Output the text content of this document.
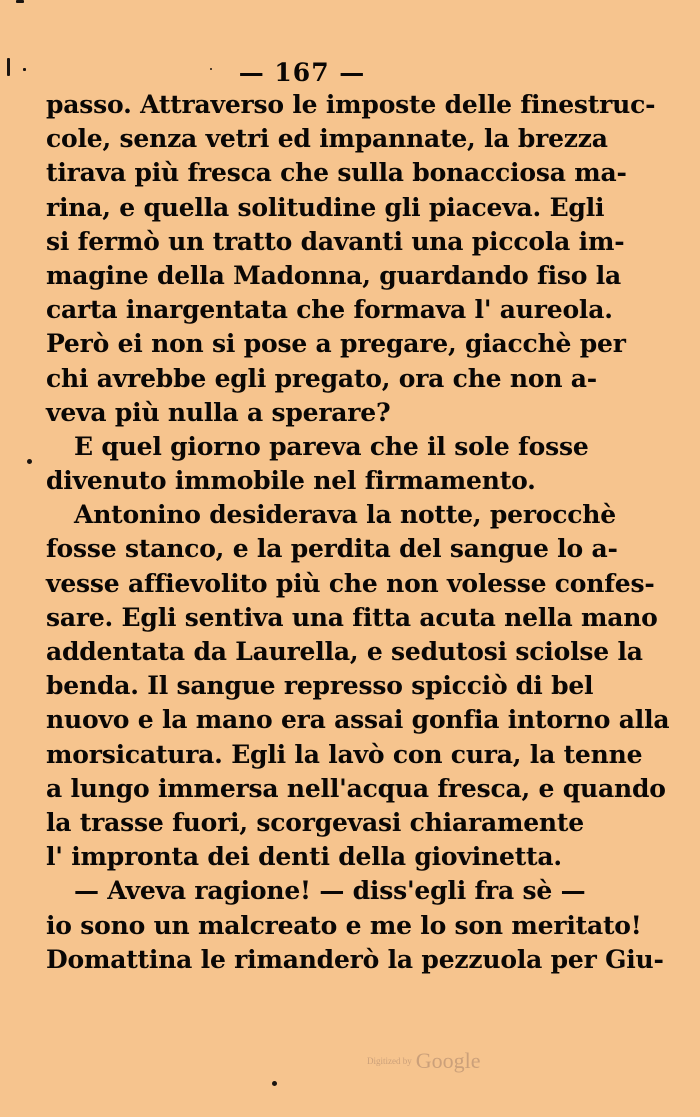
— 167 —
passo. Attraverso le imposte delle finestruc-
cole, senza vetri ed impannate, la brezza
tirava più fresca che sulla bonacciosa ma-
rina, e quella solitudine gli piaceva. Egli
si fermò un tratto davanti una piccola im-
magine della Madonna, guardando fiso la
carta inargentata che formava l' aureola.
Però ei non si pose a pregare, giacchè per
chi avrebbe egli pregato, ora che non a-
veva più nulla a sperare?
E quel giorno pareva che il sole fosse
divenuto immobile nel firmamento.
Antonino desiderava la notte, perocchè
fosse stanco, e la perdita del sangue lo a-
vesse affievolito più che non volesse confes-
sare. Egli sentiva una fitta acuta nella mano
addentata da Laurella, e sedutosi sciolse la
benda. Il sangue represso spicciò di bel
nuovo e la mano era assai gonfia intorno alla
morsicatura. Egli la lavò con cura, la tenne
a lungo immersa nell'acqua fresca, e quando
la trasse fuori, scorgevasi chiaramente
l' impronta dei denti della giovinetta.
— Aveva ragione! — diss'egli fra sè —
io sono un malcreato e me lo son meritato!
Domattina le rimanderò la pezzuola per Giu-
Digitized by Google
